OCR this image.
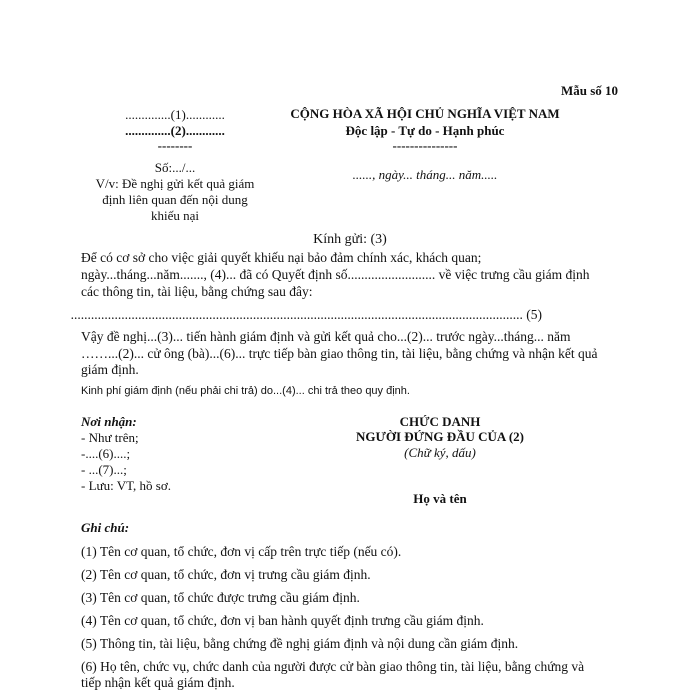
Mẫu số 10
..............(1)............
..............(2)............
--------
Số:.../...
V/v: Đề nghị gửi kết quả giám
định liên quan đến nội dung
khiếu nại
CỘNG HÒA XÃ HỘI CHỦ NGHĨA VIỆT NAM
Độc lập - Tự do - Hạnh phúc
---------------
......, ngày... tháng... năm.....
Kính gửi: (3)
Để có cơ sở cho việc giải quyết khiếu nại bảo đảm chính xác, khách quan;
ngày...tháng...năm......., (4)... đã có Quyết định số.......................... về việc trưng cầu giám định
các thông tin, tài liệu, bằng chứng sau đây:
...................................................................................................................................... (5)
Vậy đề nghị...(3)... tiến hành giám định và gửi kết quả cho...(2)... trước ngày...tháng... năm
……...(2)... cử ông (bà)...(6)... trực tiếp bàn giao thông tin, tài liệu, bằng chứng và nhận kết quả
giám định.
Kinh phí giám định (nếu phải chi trả) do...(4)... chi trả theo quy định.
Nơi nhận:
- Như trên;
-....(6)....;
- ...(7)...;
- Lưu: VT, hồ sơ.
CHỨC DANH
NGƯỜI ĐỨNG ĐẦU CỦA (2)
(Chữ ký, dấu)
Họ và tên
Ghi chú:
(1) Tên cơ quan, tổ chức, đơn vị cấp trên trực tiếp (nếu có).
(2) Tên cơ quan, tổ chức, đơn vị trưng cầu giám định.
(3) Tên cơ quan, tổ chức được trưng cầu giám định.
(4) Tên cơ quan, tổ chức, đơn vị ban hành quyết định trưng cầu giám định.
(5) Thông tin, tài liệu, bằng chứng đề nghị giám định và nội dung cần giám định.
(6) Họ tên, chức vụ, chức danh của người được cử bàn giao thông tin, tài liệu, bằng chứng và
tiếp nhận kết quả giám định.
